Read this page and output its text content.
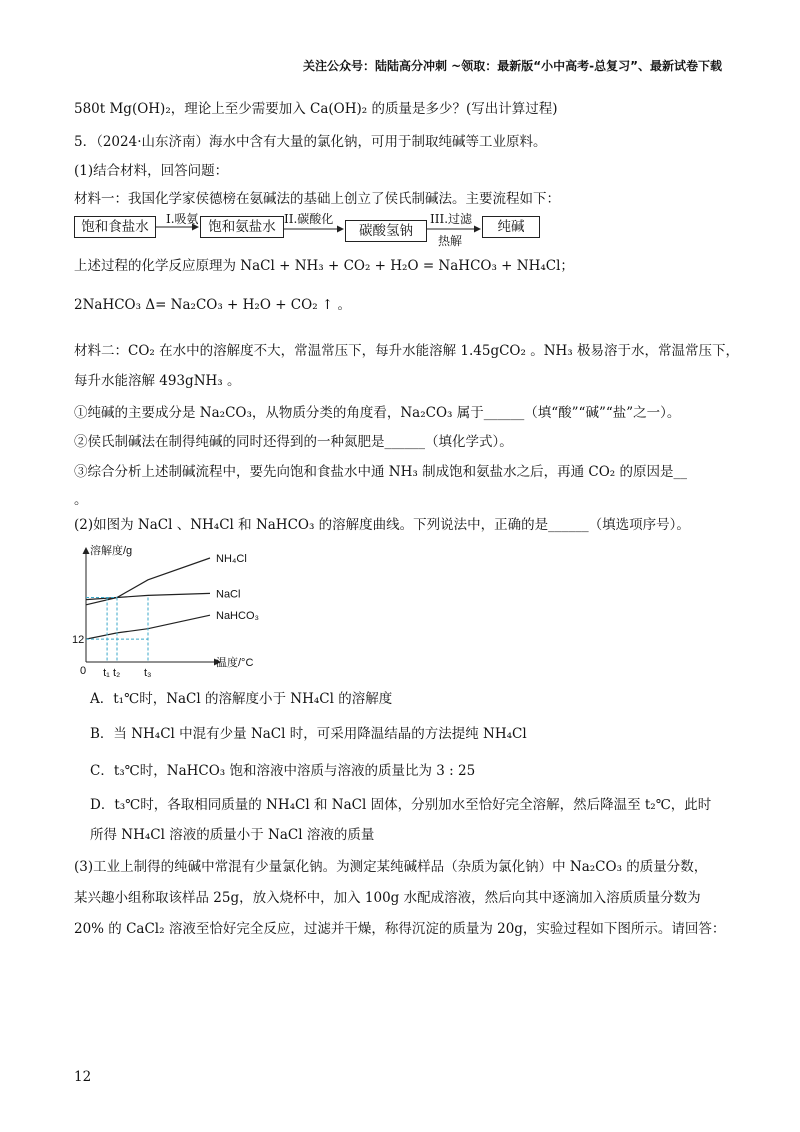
关注公众号：陆陆高分冲刺 ~领取：最新版“小中高考-总复习”、最新试卷下载
580t Mg(OH)₂，理论上至少需要加入 Ca(OH)₂ 的质量是多少？(写出计算过程)
5．（2024·山东济南）海水中含有大量的氯化钠，可用于制取纯碱等工业原料。
(1)结合材料，回答问题：
材料一：我国化学家侯德榜在氨碱法的基础上创立了侯氏制碱法。主要流程如下：
饱和食盐水	I.吸氨 饱和氨盐水 II.碳酸化
碳酸氢钠
III.过滤
热解
纯碱
上述过程的化学反应原理为 NaCl + NH₃ + CO₂ + H₂O = NaHCO₃ + NH₄Cl；
2NaHCO₃ Δ= Na₂CO₃ + H₂O + CO₂ ↑ 。
材料二：CO₂ 在水中的溶解度不大，常温常压下，每升水能溶解 1.45gCO₂ 。NH₃ 极易溶于水，常温常压下，
每升水能溶解 493gNH₃ 。
①纯碱的主要成分是 Na₂CO₃，从物质分类的角度看，Na₂CO₃ 属于______（填“酸”“碱”“盐”之一）。
②侯氏制碱法在制得纯碱的同时还得到的一种氮肥是______（填化学式）。
③综合分析上述制碱流程中，要先向饱和食盐水中通 NH₃ 制成饱和氨盐水之后，再通 CO₂ 的原因是__
。
(2)如图为 NaCl 、NH₄Cl 和 NaHCO₃ 的溶解度曲线。下列说法中，正确的是______（填选项序号）。
溶解度/g
温度/°C
0
12
NH₄Cl
NaCl
NaHCO₃
t₁ t₂ t₃
A．t₁℃时，NaCl 的溶解度小于 NH₄Cl 的溶解度
B．当 NH₄Cl 中混有少量 NaCl 时，可采用降温结晶的方法提纯 NH₄Cl
C．t₃℃时，NaHCO₃ 饱和溶液中溶质与溶液的质量比为 3 : 25
D．t₃℃时，各取相同质量的 NH₄Cl 和 NaCl 固体，分别加水至恰好完全溶解，然后降温至 t₂℃，此时
所得 NH₄Cl 溶液的质量小于 NaCl 溶液的质量
(3)工业上制得的纯碱中常混有少量氯化钠。为测定某纯碱样品（杂质为氯化钠）中 Na₂CO₃ 的质量分数，
某兴趣小组称取该样品 25g，放入烧杯中，加入 100g 水配成溶液，然后向其中逐滴加入溶质质量分数为
20% 的 CaCl₂ 溶液至恰好完全反应，过滤并干燥，称得沉淀的质量为 20g，实验过程如下图所示。请回答：
12
